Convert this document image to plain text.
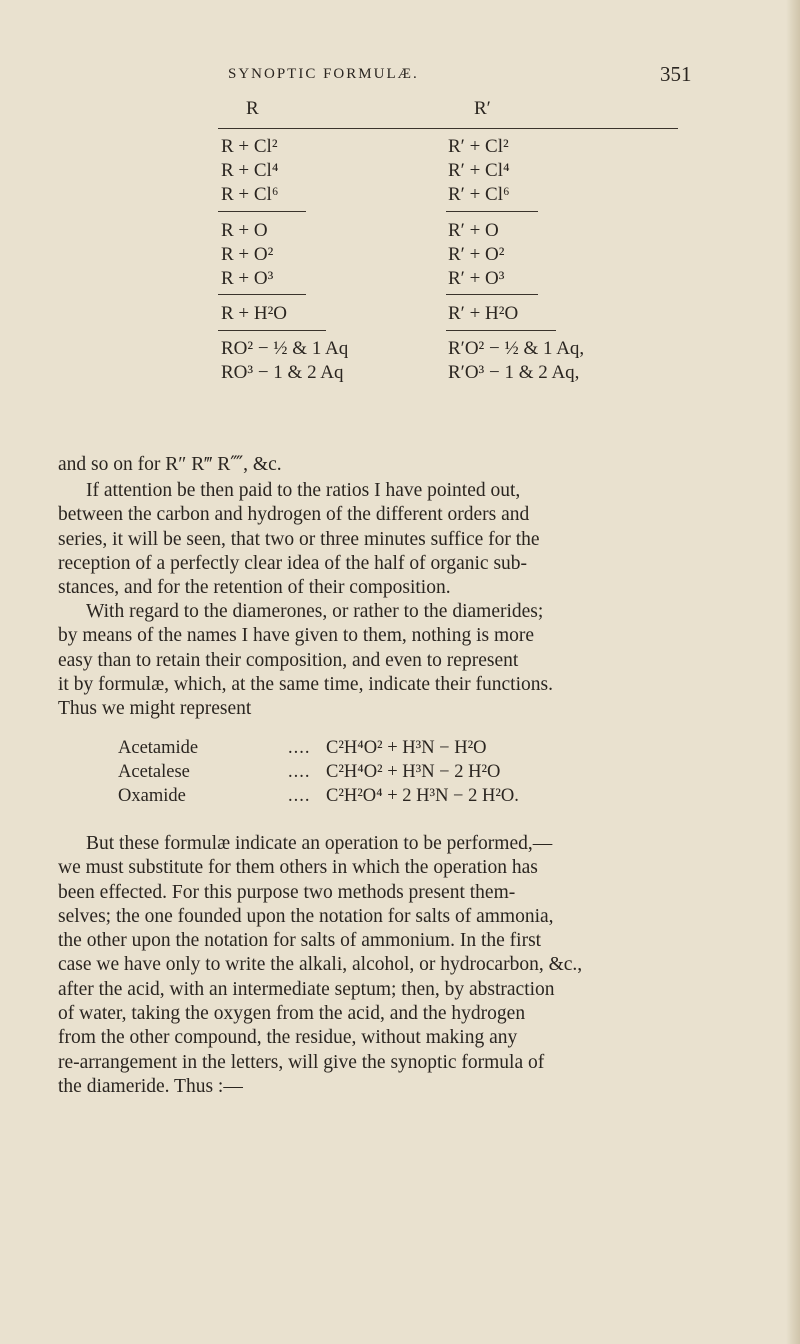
SYNOPTIC FORMULÆ.	351
R	R′
R + Cl²	R′ + Cl²
R + Cl⁴	R′ + Cl⁴
R + Cl⁶	R′ + Cl⁶
R + O	R′ + O
R + O²	R′ + O²
R + O³	R′ + O³
R + H²O	R′ + H²O
RO² − ½ & 1 Aq	R′O² − ½ & 1 Aq,
RO³ − 1 & 2 Aq	R′O³ − 1 & 2 Aq,
and so on for R″ R‴ R⁗, &c.

If attention be then paid to the ratios I have pointed out,

between the carbon and hydrogen of the different orders and

series, it will be seen, that two or three minutes suffice for the

reception of a perfectly clear idea of the half of organic sub-

stances, and for the retention of their composition.

With regard to the diamerones, or rather to the diamerides;

by means of the names I have given to them, nothing is more

easy than to retain their composition, and even to represent

it by formulæ, which, at the same time, indicate their functions.

Thus we might represent

Acetamide	.... C²H⁴O² + H³N − H²O
Acetalese	.... C²H⁴O² + H³N − 2 H²O
Oxamide	.... C²H²O⁴ + 2 H³N − 2 H²O.

But these formulæ indicate an operation to be performed,—

we must substitute for them others in which the operation has

been effected. For this purpose two methods present them-

selves; the one founded upon the notation for salts of ammonia,

the other upon the notation for salts of ammonium. In the first

case we have only to write the alkali, alcohol, or hydrocarbon, &c.,

after the acid, with an intermediate septum; then, by abstraction

of water, taking the oxygen from the acid, and the hydrogen

from the other compound, the residue, without making any

re-arrangement in the letters, will give the synoptic formula of

the diameride. Thus :—
